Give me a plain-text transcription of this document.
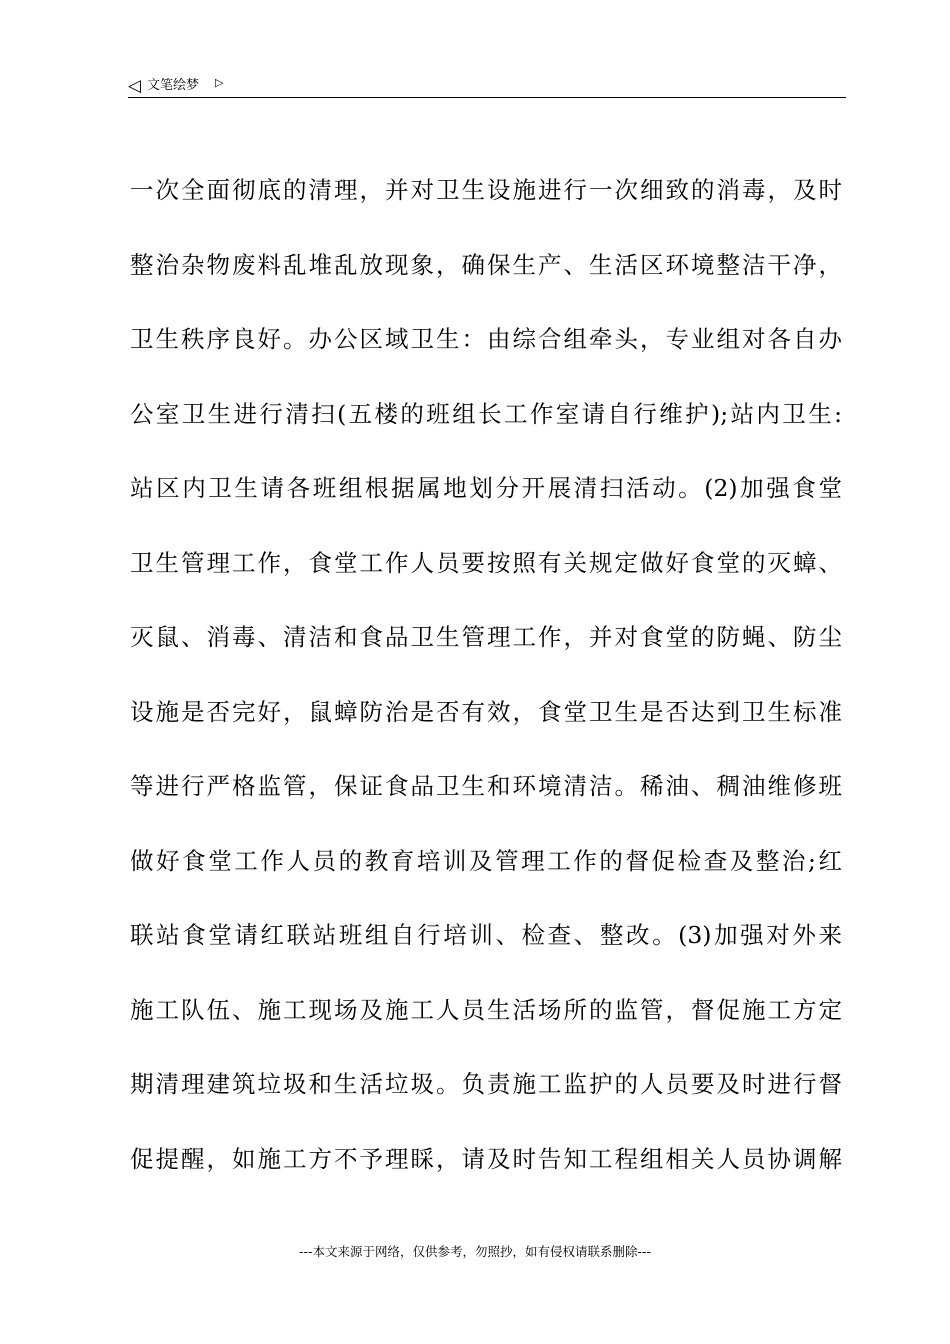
◁ 文笔绘梦 ▷
一次全面彻底的清理，并对卫生设施进行一次细致的消毒，及时
整治杂物废料乱堆乱放现象，确保生产、生活区环境整洁干净，
卫生秩序良好。办公区域卫生：由综合组牵头，专业组对各自办
公室卫生进行清扫(五楼的班组长工作室请自行维护);站内卫生:
站区内卫生请各班组根据属地划分开展清扫活动。(2)加强食堂
卫生管理工作，食堂工作人员要按照有关规定做好食堂的灭蟑、
灭鼠、消毒、清洁和食品卫生管理工作，并对食堂的防蝇、防尘
设施是否完好，鼠蟑防治是否有效，食堂卫生是否达到卫生标准
等进行严格监管，保证食品卫生和环境清洁。稀油、稠油维修班
做好食堂工作人员的教育培训及管理工作的督促检查及整治;红
联站食堂请红联站班组自行培训、检查、整改。(3)加强对外来
施工队伍、施工现场及施工人员生活场所的监管，督促施工方定
期清理建筑垃圾和生活垃圾。负责施工监护的人员要及时进行督
促提醒，如施工方不予理睬，请及时告知工程组相关人员协调解
---本文来源于网络，仅供参考，勿照抄，如有侵权请联系删除---
